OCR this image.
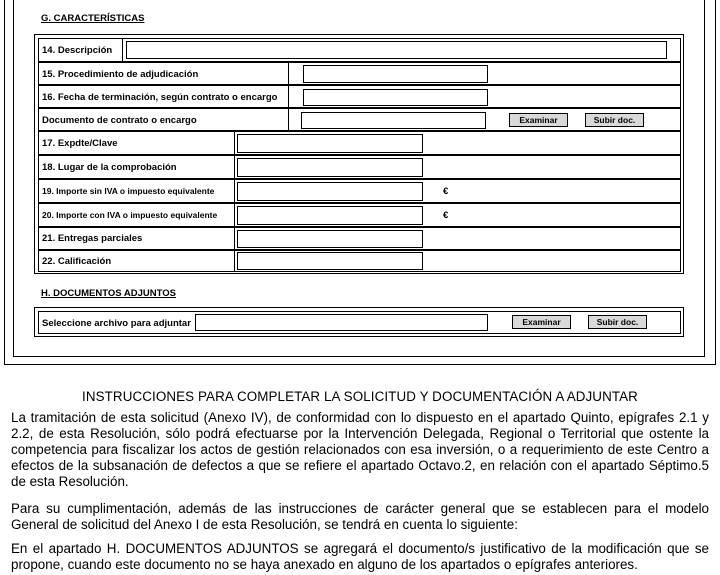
G. CARACTERÍSTICAS
14. Descripción
15. Procedimiento de adjudicación
16. Fecha de terminación, según contrato o encargo
Documento de contrato o encargo	Examinar	Subir doc.
17. Expdte/Clave
18. Lugar de la comprobación
19. Importe sin IVA o impuesto equivalente	€
20. Importe con IVA o impuesto equivalente	€
21. Entregas parciales
22. Calificación
H. DOCUMENTOS ADJUNTOS
Seleccione archivo para adjuntar	Examinar	Subir doc.
INSTRUCCIONES PARA COMPLETAR LA SOLICITUD Y DOCUMENTACIÓN A ADJUNTAR

La tramitación de esta solicitud (Anexo IV), de conformidad con lo dispuesto en el apartado Quinto, epígrafes 2.1 y 2.2, de esta Resolución, sólo podrá efectuarse por la Intervención Delegada, Regional o Territorial que ostente la competencia para fiscalizar los actos de gestión relacionados con esa inversión, o a requerimiento de este Centro a efectos de la subsanación de defectos a que se refiere el apartado Octavo.2, en relación con el apartado Séptimo.5 de esta Resolución.

Para su cumplimentación, además de las instrucciones de carácter general que se establecen para el modelo General de solicitud del Anexo I de esta Resolución, se tendrá en cuenta lo siguiente:

En el apartado H. DOCUMENTOS ADJUNTOS se agregará el documento/s justificativo de la modificación que se propone, cuando este documento no se haya anexado en alguno de los apartados o epígrafes anteriores.
